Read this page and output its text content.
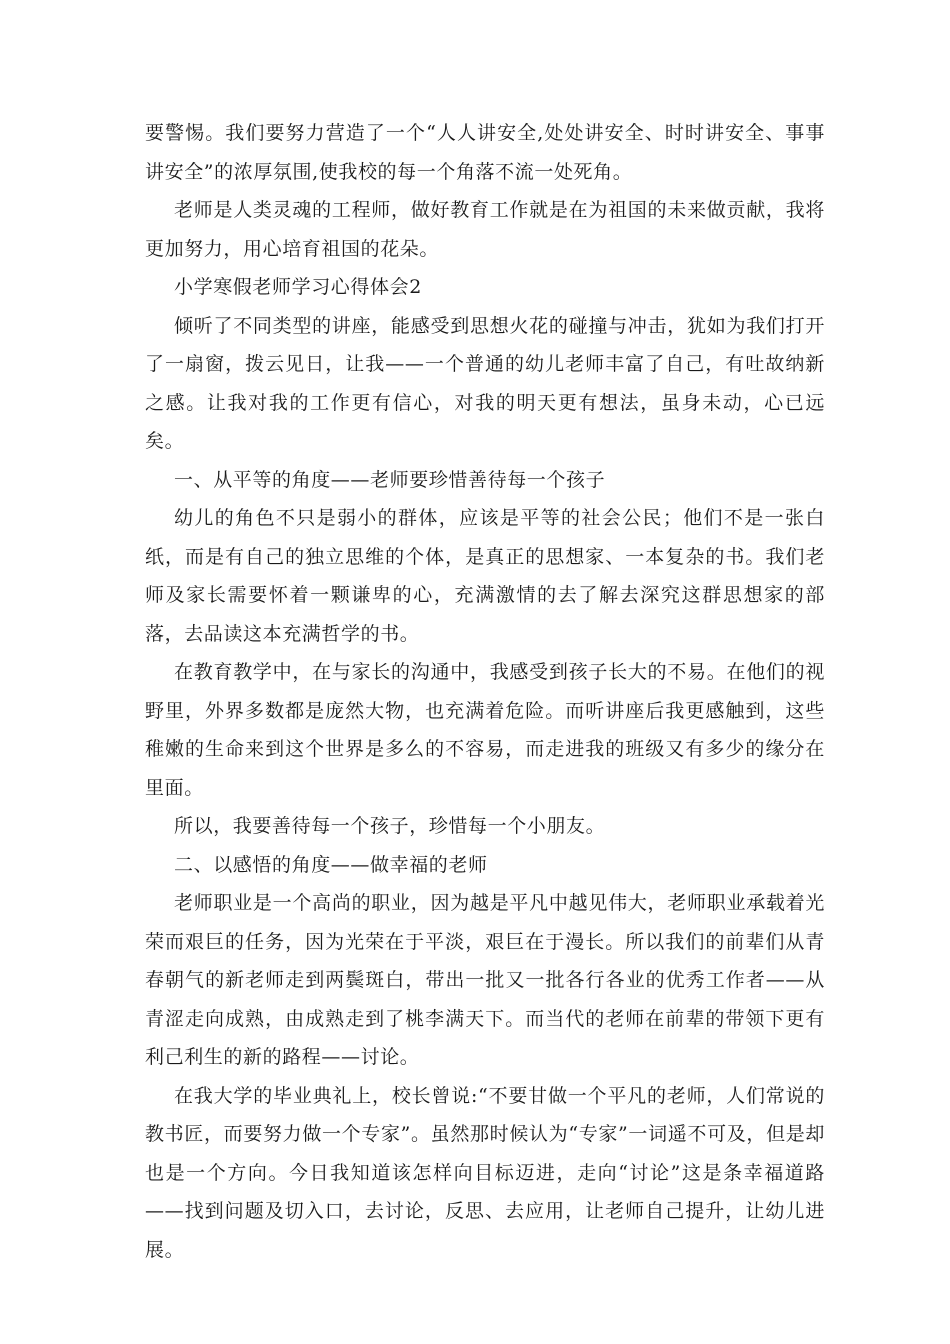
要警惕。我们要努力营造了一个“人人讲安全,处处讲安全、时时讲安全、事事讲安全”的浓厚氛围,使我校的每一个角落不流一处死角。

老师是人类灵魂的工程师，做好教育工作就是在为祖国的未来做贡献，我将更加努力，用心培育祖国的花朵。

小学寒假老师学习心得体会2

倾听了不同类型的讲座，能感受到思想火花的碰撞与冲击，犹如为我们打开了一扇窗，拨云见日，让我——一个普通的幼儿老师丰富了自己，有吐故纳新之感。让我对我的工作更有信心，对我的明天更有想法，虽身未动，心已远矣。

一、从平等的角度——老师要珍惜善待每一个孩子

幼儿的角色不只是弱小的群体，应该是平等的社会公民；他们不是一张白纸，而是有自己的独立思维的个体，是真正的思想家、一本复杂的书。我们老师及家长需要怀着一颗谦卑的心，充满激情的去了解去深究这群思想家的部落，去品读这本充满哲学的书。

在教育教学中，在与家长的沟通中，我感受到孩子长大的不易。在他们的视野里，外界多数都是庞然大物，也充满着危险。而听讲座后我更感触到，这些稚嫩的生命来到这个世界是多么的不容易，而走进我的班级又有多少的缘分在里面。

所以，我要善待每一个孩子，珍惜每一个小朋友。

二、以感悟的角度——做幸福的老师

老师职业是一个高尚的职业，因为越是平凡中越见伟大，老师职业承载着光荣而艰巨的任务，因为光荣在于平淡，艰巨在于漫长。所以我们的前辈们从青春朝气的新老师走到两鬓斑白，带出一批又一批各行各业的优秀工作者——从青涩走向成熟，由成熟走到了桃李满天下。而当代的老师在前辈的带领下更有利己利生的新的路程——讨论。

在我大学的毕业典礼上，校长曾说:“不要甘做一个平凡的老师，人们常说的教书匠，而要努力做一个专家”。虽然那时候认为“专家”一词遥不可及，但是却也是一个方向。今日我知道该怎样向目标迈进，走向“讨论”这是条幸福道路——找到问题及切入口，去讨论，反思、去应用，让老师自己提升，让幼儿进展。
